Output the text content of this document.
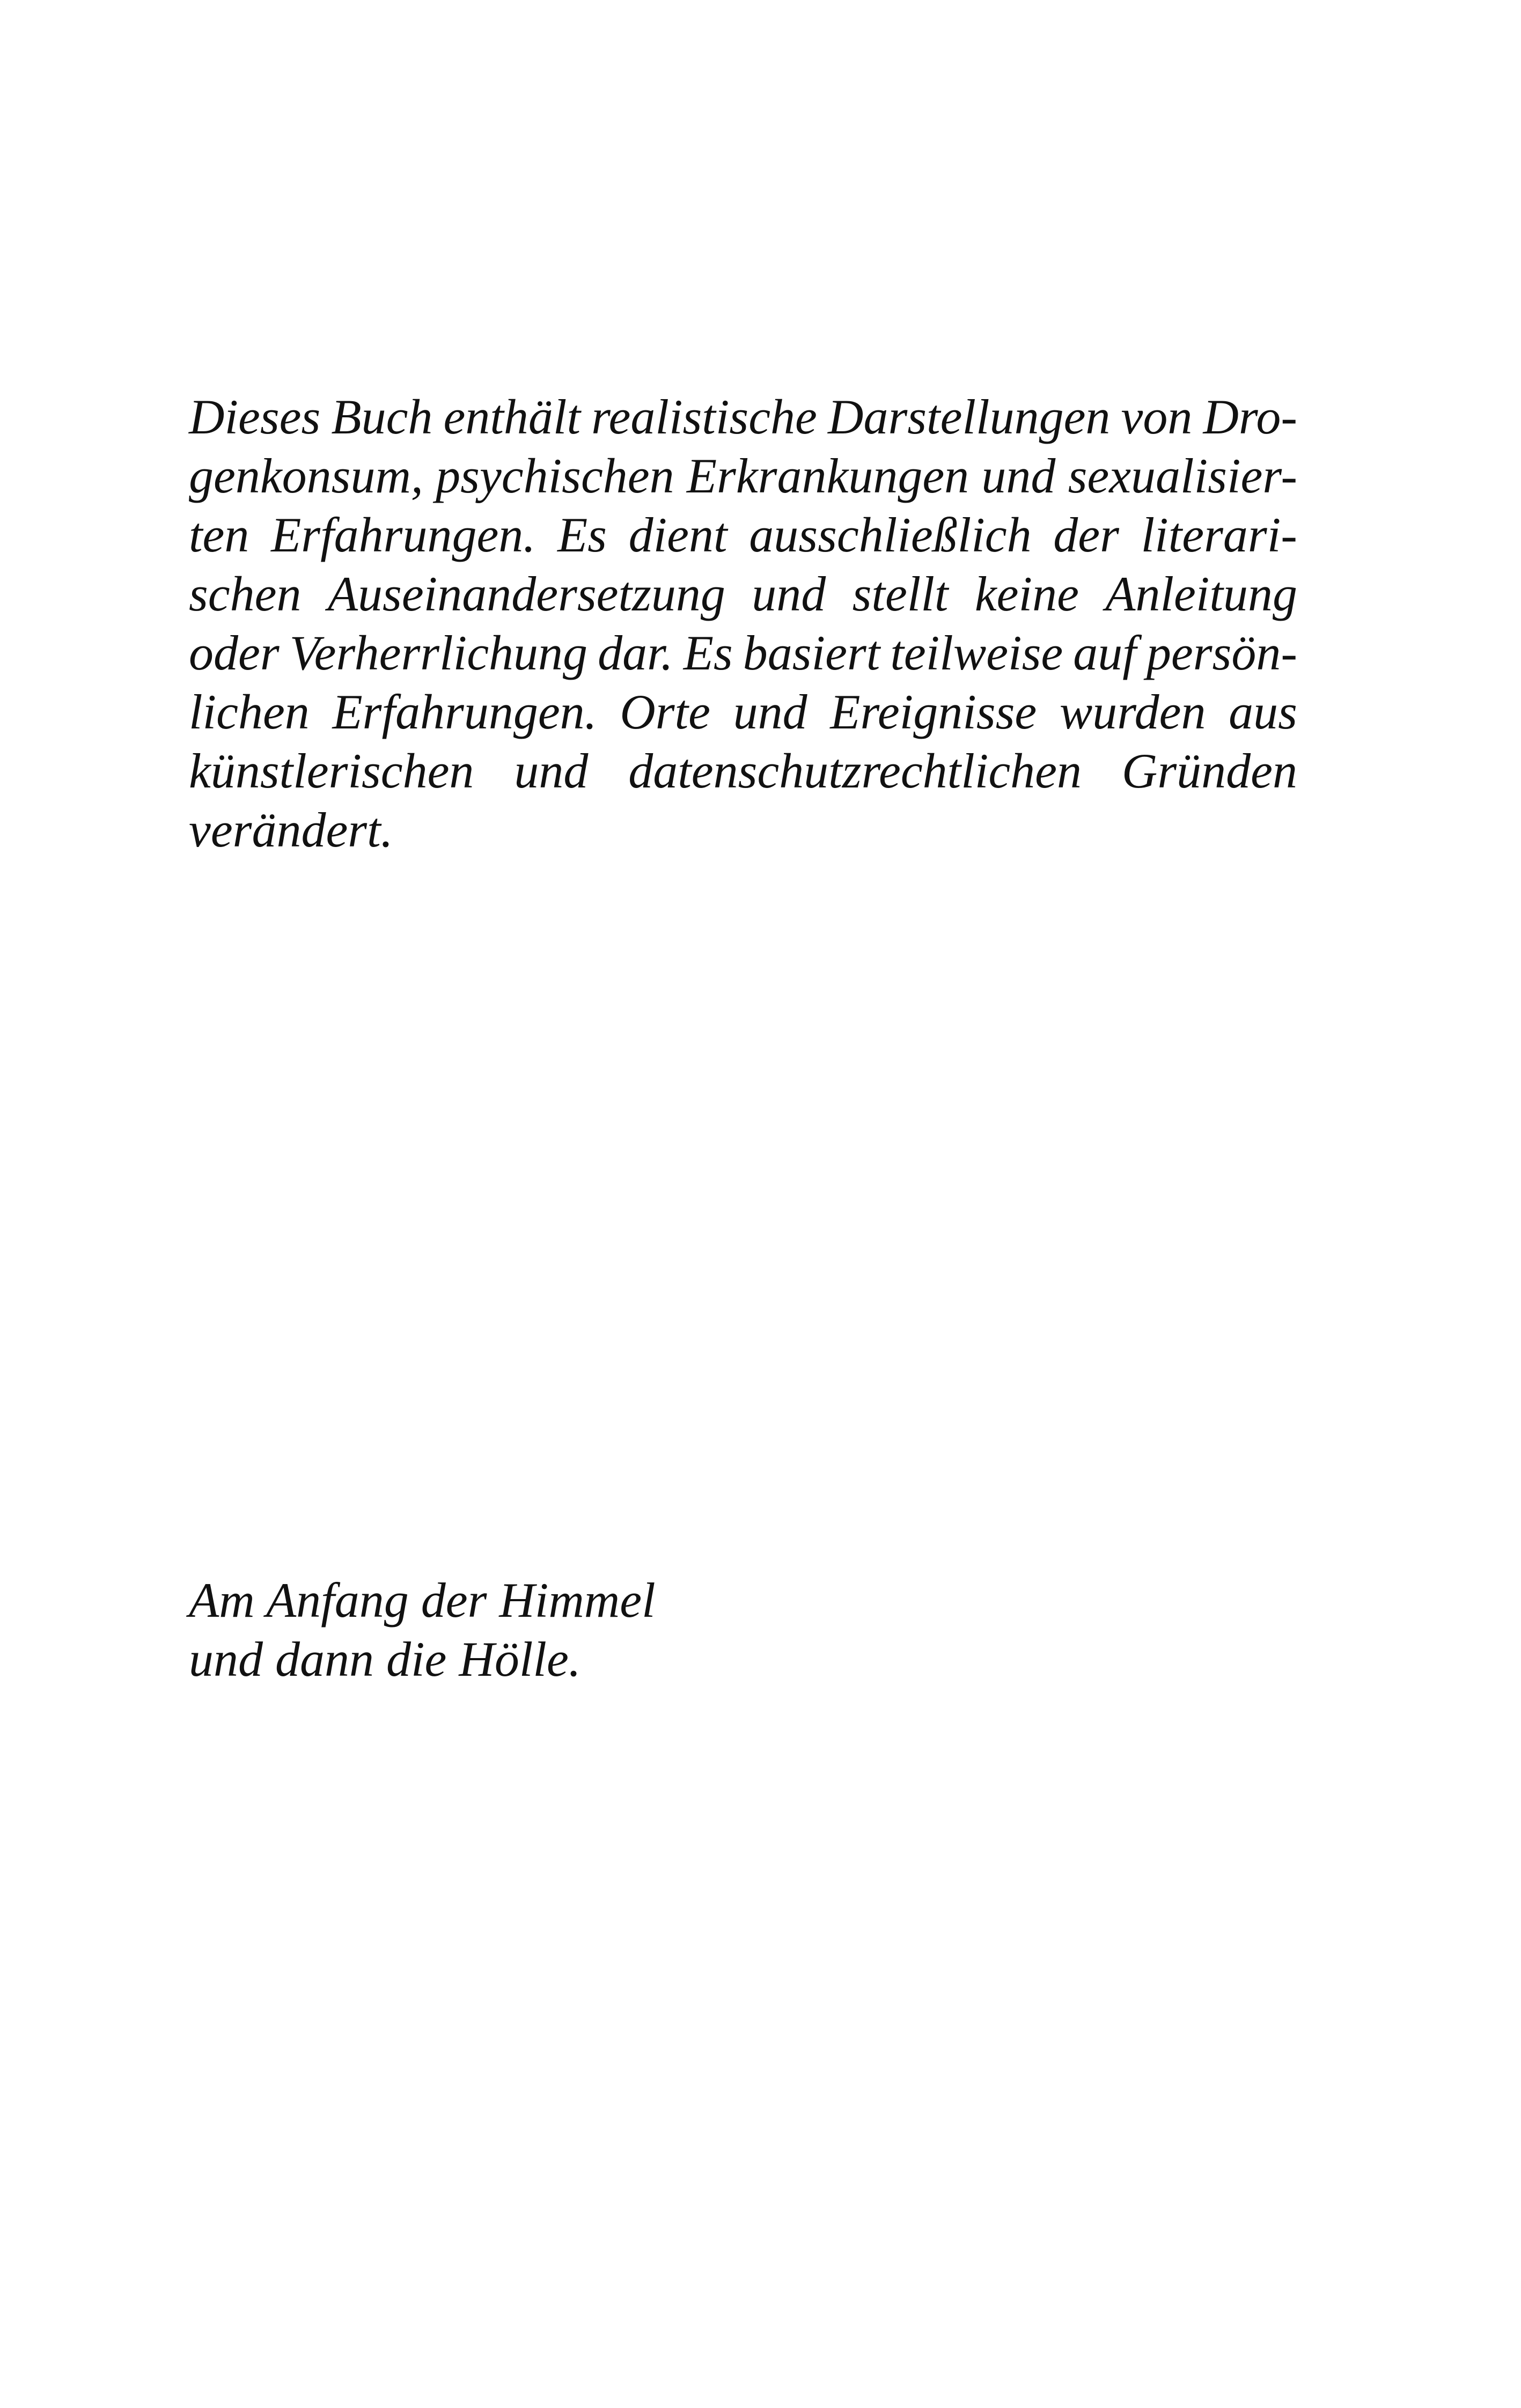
Dieses Buch enthält realistische Darstellungen von Dro-
genkonsum, psychischen Erkrankungen und sexualisier-
ten Erfahrungen. Es dient ausschließlich der literari-
schen Auseinandersetzung und stellt keine Anleitung
oder Verherrlichung dar. Es basiert teilweise auf persön-
lichen Erfahrungen. Orte und Ereignisse wurden aus
künstlerischen und datenschutzrechtlichen Gründen
verändert.
Am Anfang der Himmel
und dann die Hölle.
